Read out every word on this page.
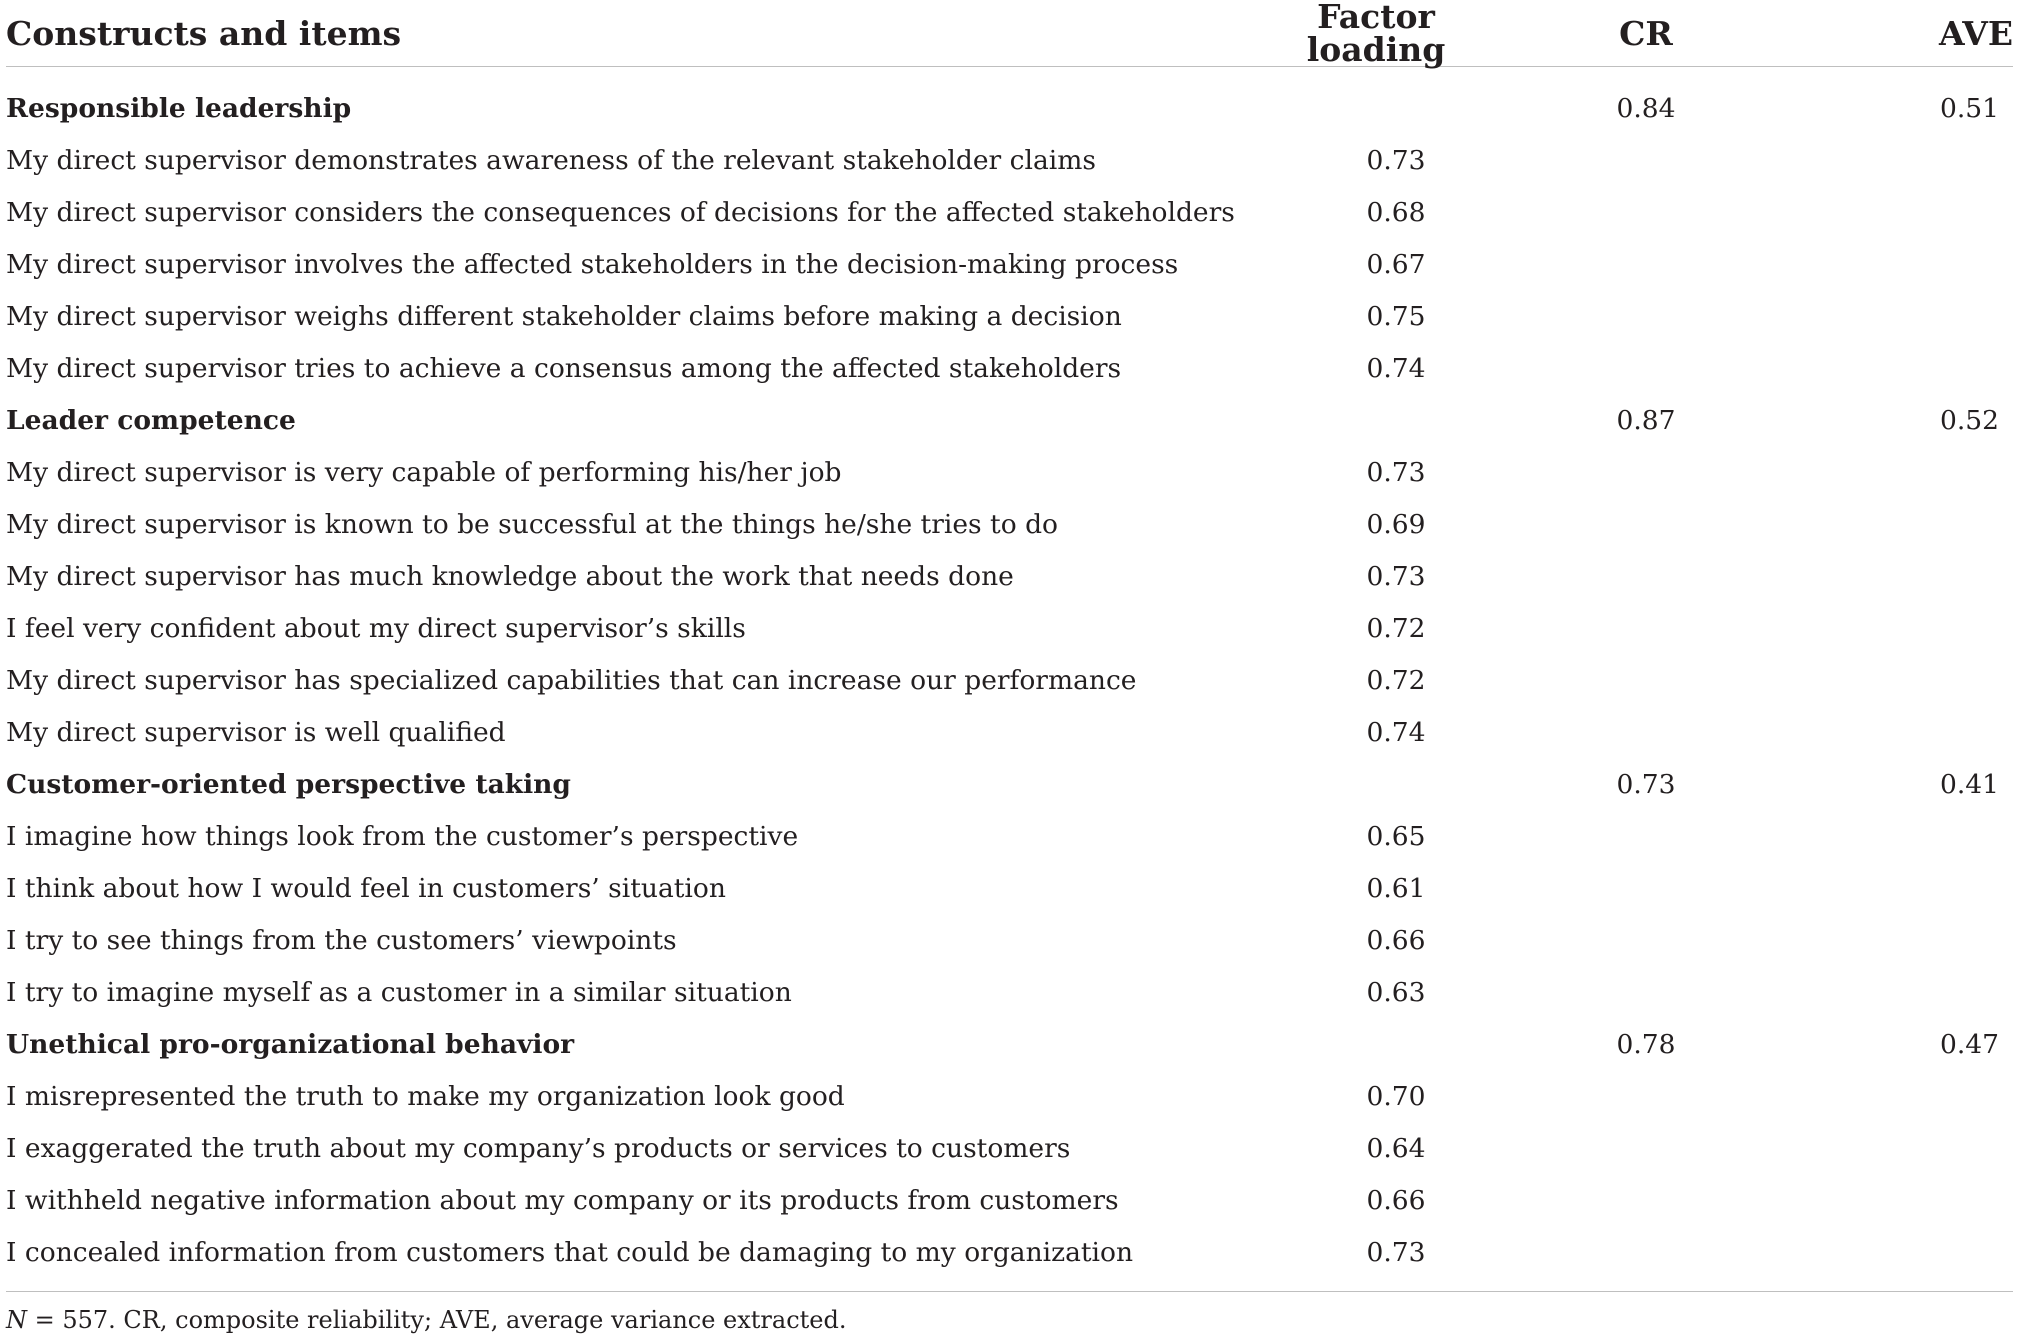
Constructs and items	Factor loading	CR	AVE
Responsible leadership		0.84	0.51
My direct supervisor demonstrates awareness of the relevant stakeholder claims	0.73		
My direct supervisor considers the consequences of decisions for the affected stakeholders	0.68		
My direct supervisor involves the affected stakeholders in the decision-making process	0.67		
My direct supervisor weighs different stakeholder claims before making a decision	0.75		
My direct supervisor tries to achieve a consensus among the affected stakeholders	0.74		
Leader competence		0.87	0.52
My direct supervisor is very capable of performing his/her job	0.73		
My direct supervisor is known to be successful at the things he/she tries to do	0.69		
My direct supervisor has much knowledge about the work that needs done	0.73		
I feel very confident about my direct supervisor’s skills	0.72		
My direct supervisor has specialized capabilities that can increase our performance	0.72		
My direct supervisor is well qualified	0.74		
Customer-oriented perspective taking		0.73	0.41
I imagine how things look from the customer’s perspective	0.65		
I think about how I would feel in customers’ situation	0.61		
I try to see things from the customers’ viewpoints	0.66		
I try to imagine myself as a customer in a similar situation	0.63		
Unethical pro-organizational behavior		0.78	0.47
I misrepresented the truth to make my organization look good	0.70		
I exaggerated the truth about my company’s products or services to customers	0.64		
I withheld negative information about my company or its products from customers	0.66		
I concealed information from customers that could be damaging to my organization	0.73		
N = 557. CR, composite reliability; AVE, average variance extracted.
